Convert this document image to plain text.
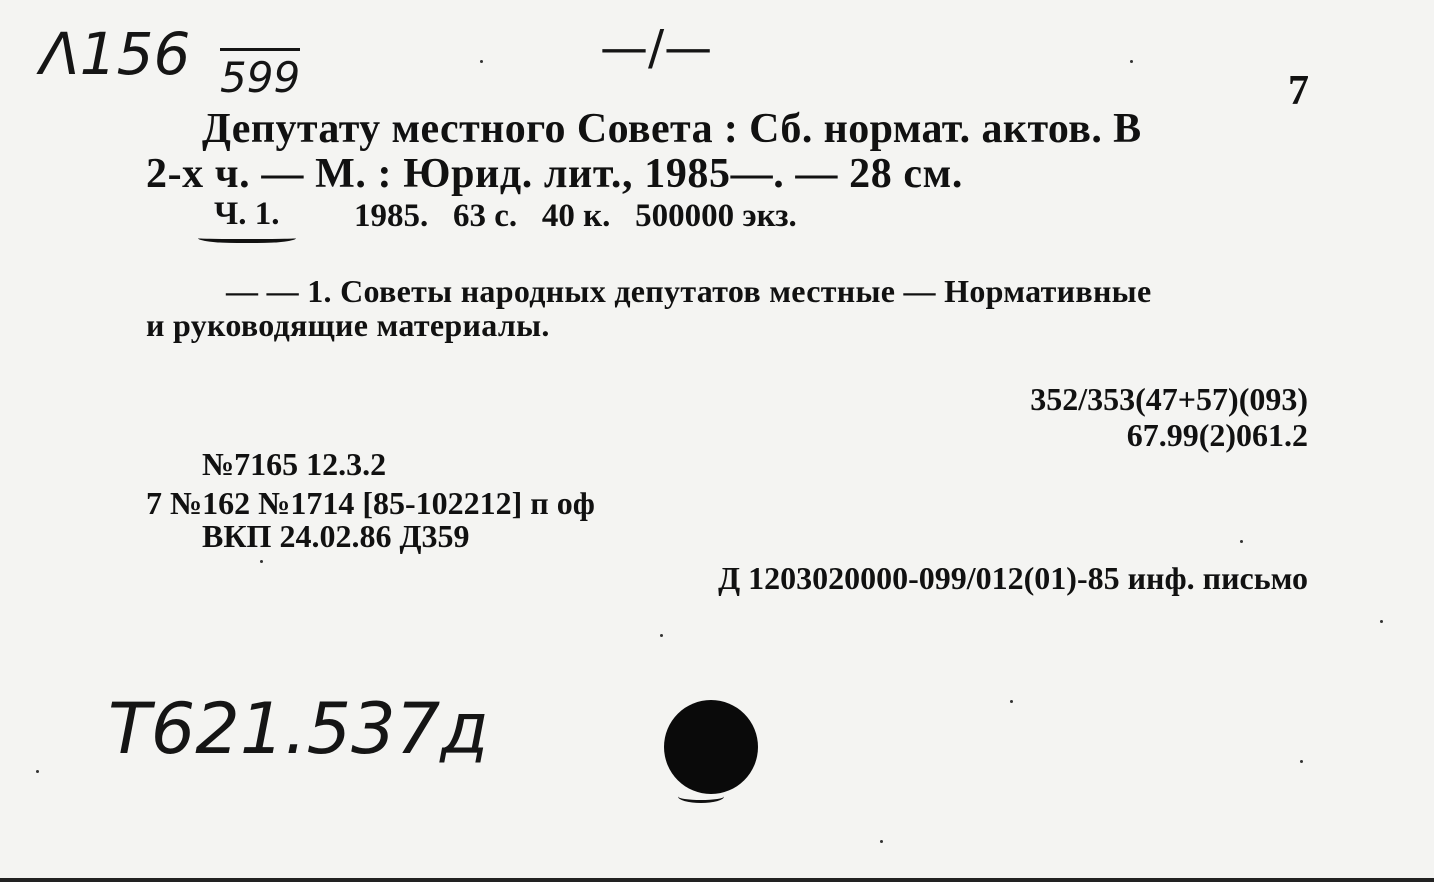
Λ156 599
—/—
T621.537д
7
Депутату местного Совета : Сб. нормат. актов. В
2-х ч. — М. : Юрид. лит., 1985—. — 28 см.
Ч. 1. 1985.   63 с.   40 к.   500000 экз.
— — 1. Советы народных депутатов местные — Нормативные
и руководящие материалы.
352/353(47+57)(093)
67.99(2)061.2
№7165 12.3.2
7 №162 №1714 [85-102212] п оф
ВКП 24.02.86 Д359
Д 1203020000-099/012(01)-85 инф. письмо
